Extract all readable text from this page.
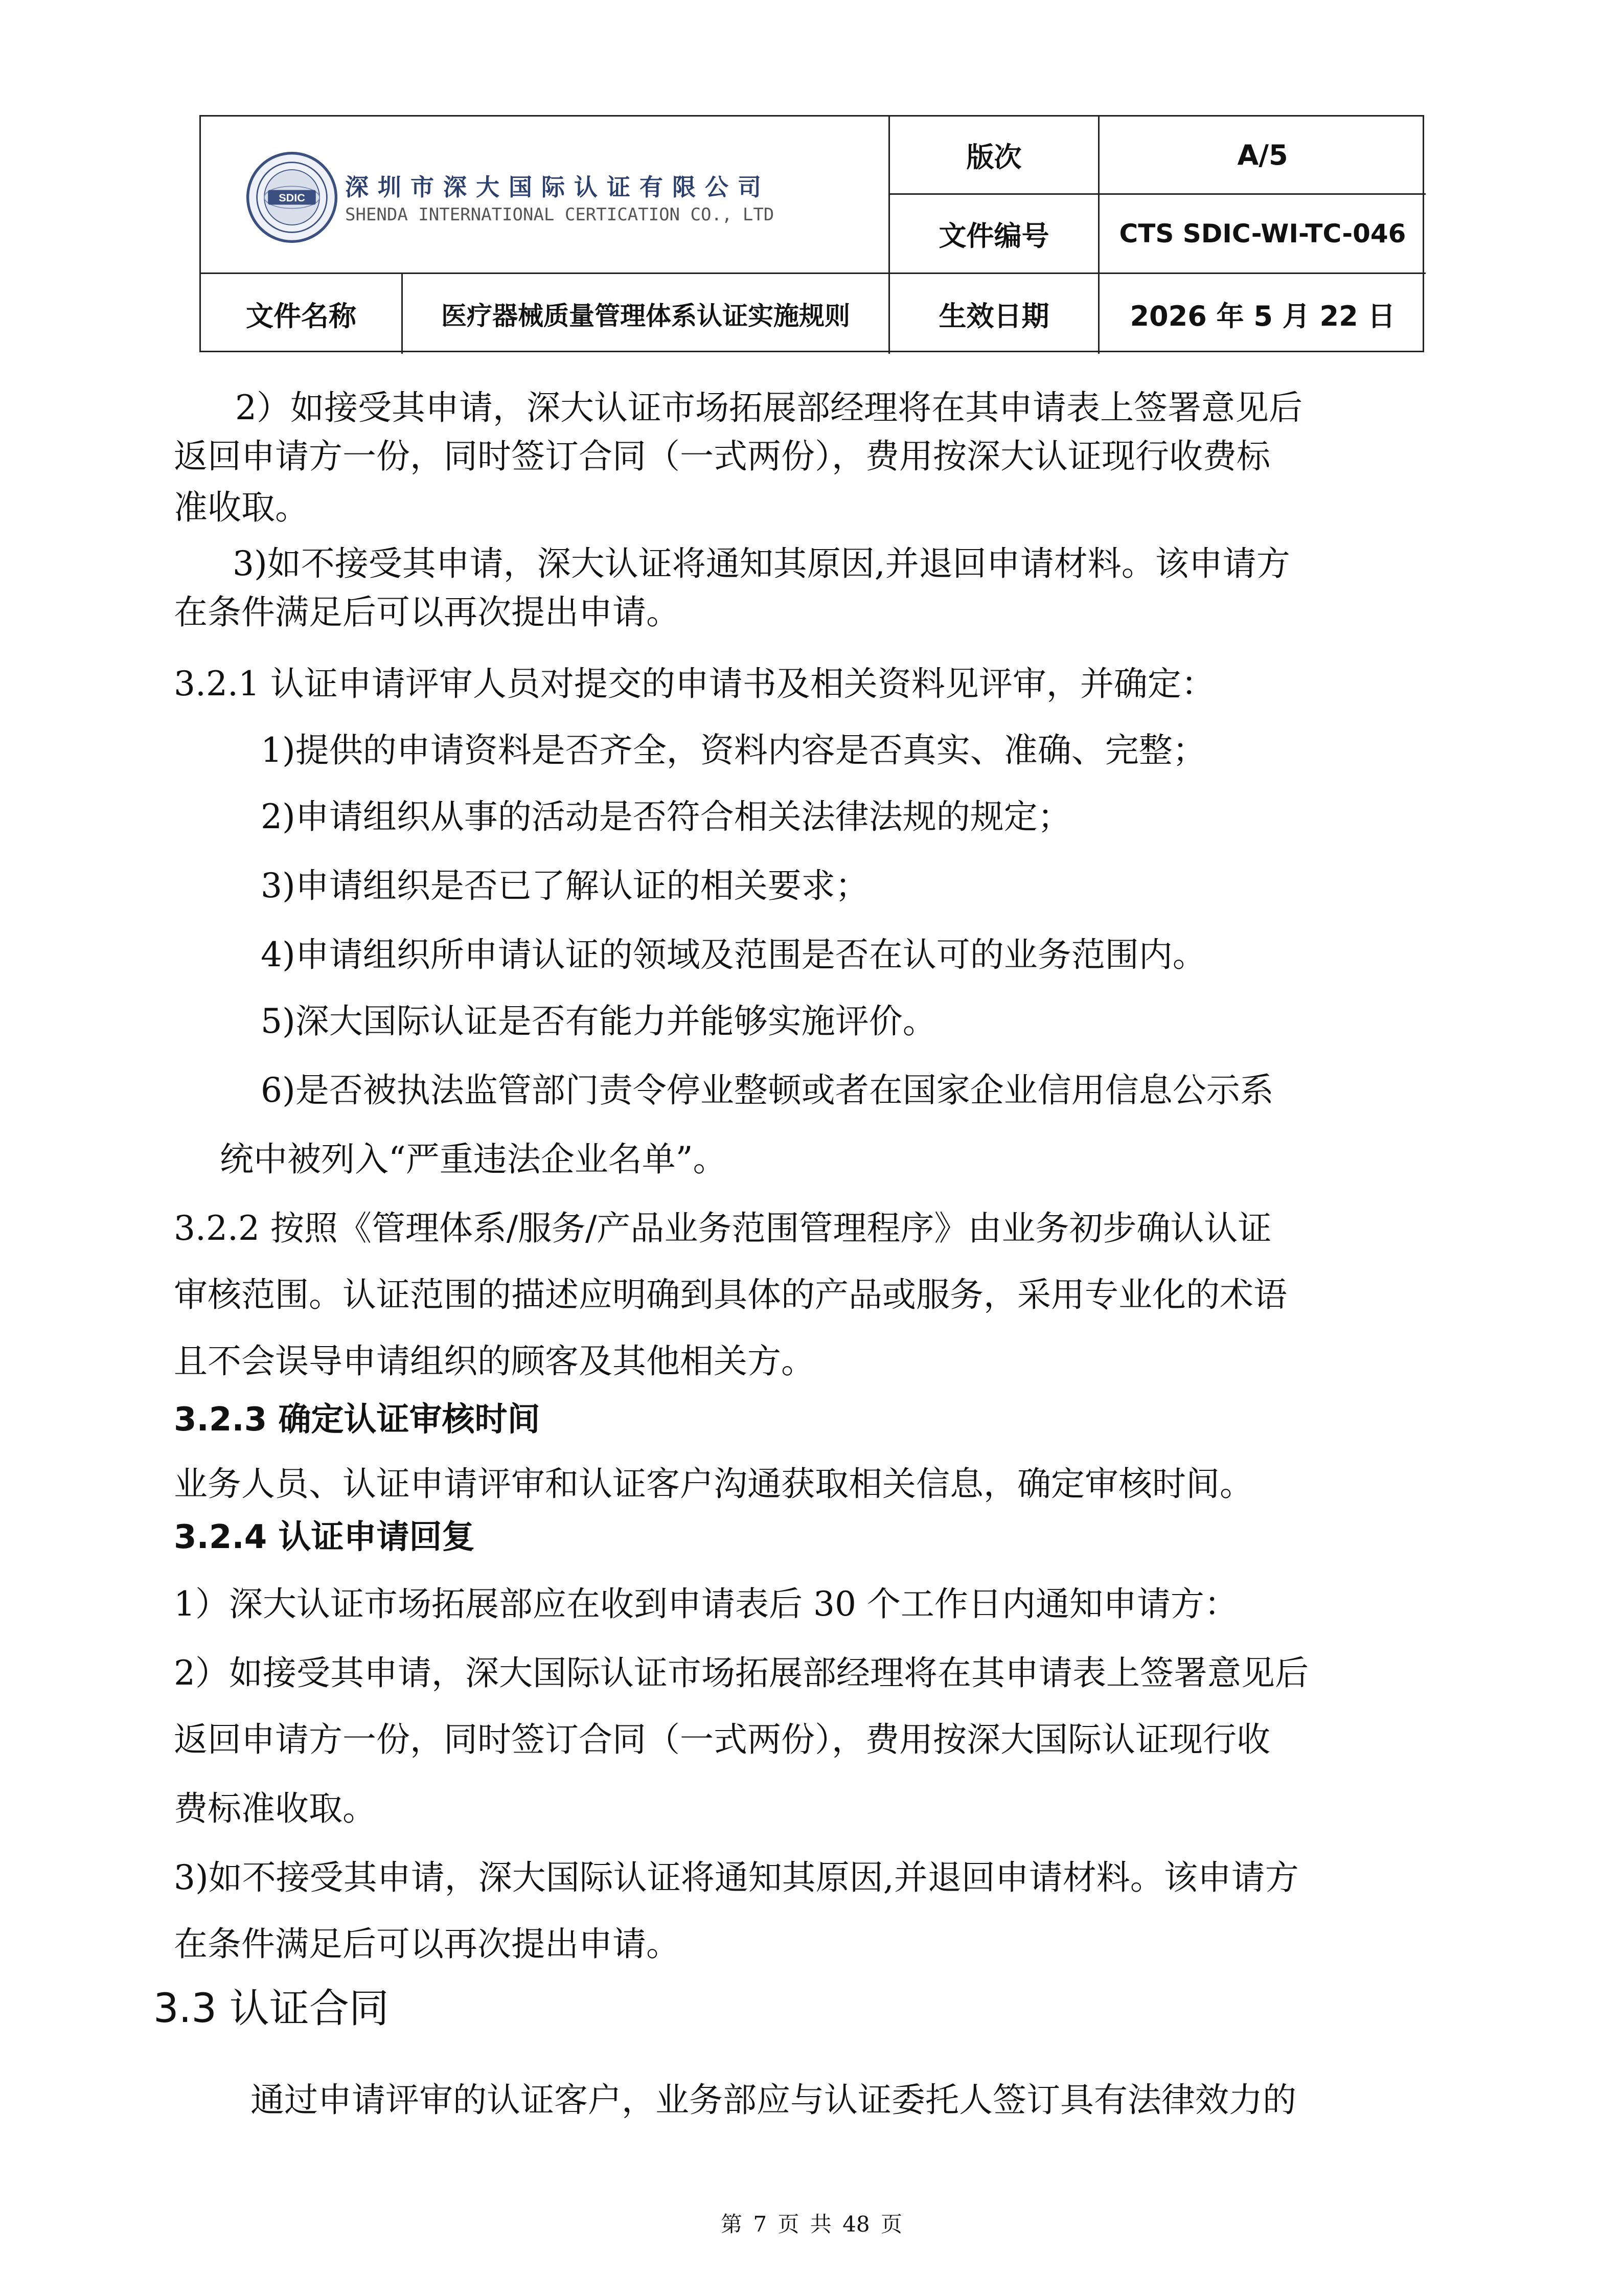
SDIC 深圳市深大国际认证有限公司
SHENDA INTERNATIONAL CERTICATION CO., LTD
版次	A/5
文件编号	CTS SDIC-WI-TC-046
文件名称	医疗器械质量管理体系认证实施规则	生效日期	2026 年 5 月 22 日
2）如接受其申请，深大认证市场拓展部经理将在其申请表上签署意见后
返回申请方一份，同时签订合同（一式两份），费用按深大认证现行收费标
准收取。
3)如不接受其申请，深大认证将通知其原因,并退回申请材料。该申请方
在条件满足后可以再次提出申请。
3.2.1 认证申请评审人员对提交的申请书及相关资料见评审，并确定：
1)提供的申请资料是否齐全，资料内容是否真实、准确、完整；
2)申请组织从事的活动是否符合相关法律法规的规定；
3)申请组织是否已了解认证的相关要求；
4)申请组织所申请认证的领域及范围是否在认可的业务范围内。
5)深大国际认证是否有能力并能够实施评价。
6)是否被执法监管部门责令停业整顿或者在国家企业信用信息公示系
统中被列入“严重违法企业名单”。
3.2.2 按照《管理体系/服务/产品业务范围管理程序》由业务初步确认认证
审核范围。认证范围的描述应明确到具体的产品或服务，采用专业化的术语
且不会误导申请组织的顾客及其他相关方。
3.2.3 确定认证审核时间
业务人员、认证申请评审和认证客户沟通获取相关信息，确定审核时间。
3.2.4 认证申请回复
1）深大认证市场拓展部应在收到申请表后 30 个工作日内通知申请方：
2）如接受其申请，深大国际认证市场拓展部经理将在其申请表上签署意见后
返回申请方一份，同时签订合同（一式两份），费用按深大国际认证现行收
费标准收取。
3)如不接受其申请，深大国际认证将通知其原因,并退回申请材料。该申请方
在条件满足后可以再次提出申请。
3.3 认证合同
通过申请评审的认证客户，业务部应与认证委托人签订具有法律效力的
第 7 页 共 48 页
